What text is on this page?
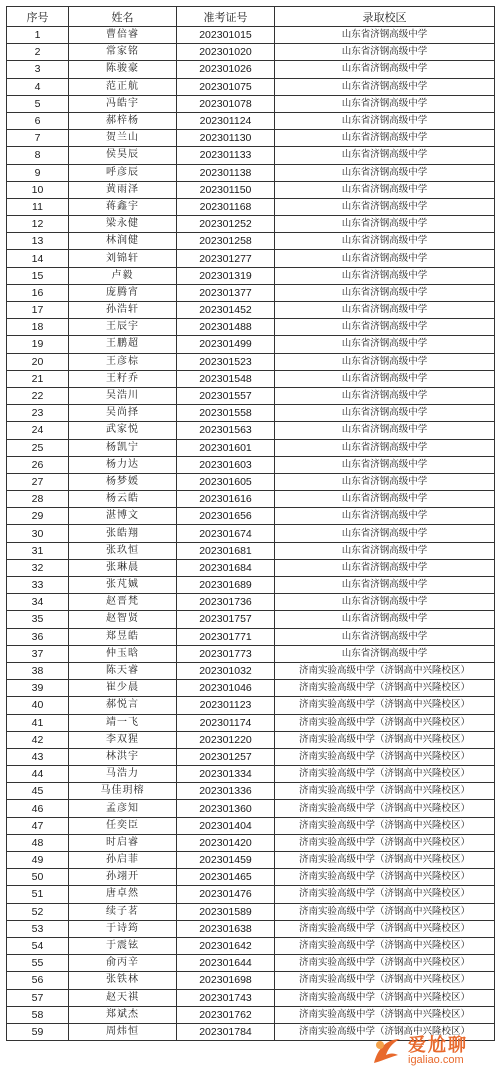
序号	姓名	准考证号	录取校区
1	曹倍睿	202301015	山东省济钢高级中学
2	常家铭	202301020	山东省济钢高级中学
3	陈骏豪	202301026	山东省济钢高级中学
4	范正航	202301075	山东省济钢高级中学
5	冯皓宇	202301078	山东省济钢高级中学
6	郝梓杨	202301124	山东省济钢高级中学
7	贺兰山	202301130	山东省济钢高级中学
8	侯昊辰	202301133	山东省济钢高级中学
9	呼彦辰	202301138	山东省济钢高级中学
10	黄雨泽	202301150	山东省济钢高级中学
11	蒋鑫宇	202301168	山东省济钢高级中学
12	梁永健	202301252	山东省济钢高级中学
13	林润健	202301258	山东省济钢高级中学
14	刘锦轩	202301277	山东省济钢高级中学
15	卢毅	202301319	山东省济钢高级中学
16	庞腾宵	202301377	山东省济钢高级中学
17	孙浩轩	202301452	山东省济钢高级中学
18	王辰宇	202301488	山东省济钢高级中学
19	王鹏超	202301499	山东省济钢高级中学
20	王彦棕	202301523	山东省济钢高级中学
21	王籽乔	202301548	山东省济钢高级中学
22	吴浩川	202301557	山东省济钢高级中学
23	吴尚择	202301558	山东省济钢高级中学
24	武家悦	202301563	山东省济钢高级中学
25	杨凯宁	202301601	山东省济钢高级中学
26	杨力达	202301603	山东省济钢高级中学
27	杨梦媛	202301605	山东省济钢高级中学
28	杨云皓	202301616	山东省济钢高级中学
29	湛博文	202301656	山东省济钢高级中学
30	张皓翔	202301674	山东省济钢高级中学
31	张玖恒	202301681	山东省济钢高级中学
32	张琳晨	202301684	山东省济钢高级中学
33	张芃娍	202301689	山东省济钢高级中学
34	赵晋梵	202301736	山东省济钢高级中学
35	赵智贤	202301757	山东省济钢高级中学
36	郑昱皓	202301771	山东省济钢高级中学
37	仲玉晗	202301773	山东省济钢高级中学
38	陈天睿	202301032	济南实验高级中学（济钢高中兴隆校区）
39	崔少晨	202301046	济南实验高级中学（济钢高中兴隆校区）
40	郝悦言	202301123	济南实验高级中学（济钢高中兴隆校区）
41	靖一飞	202301174	济南实验高级中学（济钢高中兴隆校区）
42	李双猩	202301220	济南实验高级中学（济钢高中兴隆校区）
43	林洪宇	202301257	济南实验高级中学（济钢高中兴隆校区）
44	马浩力	202301334	济南实验高级中学（济钢高中兴隆校区）
45	马佳玥榕	202301336	济南实验高级中学（济钢高中兴隆校区）
46	孟彦知	202301360	济南实验高级中学（济钢高中兴隆校区）
47	任奕臣	202301404	济南实验高级中学（济钢高中兴隆校区）
48	时启睿	202301420	济南实验高级中学（济钢高中兴隆校区）
49	孙启菲	202301459	济南实验高级中学（济钢高中兴隆校区）
50	孙翊开	202301465	济南实验高级中学（济钢高中兴隆校区）
51	唐卓然	202301476	济南实验高级中学（济钢高中兴隆校区）
52	续子茗	202301589	济南实验高级中学（济钢高中兴隆校区）
53	于诗筠	202301638	济南实验高级中学（济钢高中兴隆校区）
54	于震铉	202301642	济南实验高级中学（济钢高中兴隆校区）
55	俞丙辛	202301644	济南实验高级中学（济钢高中兴隆校区）
56	张铁林	202301698	济南实验高级中学（济钢高中兴隆校区）
57	赵天祺	202301743	济南实验高级中学（济钢高中兴隆校区）
58	郑斌杰	202301762	济南实验高级中学（济钢高中兴隆校区）
59	周炜恒	202301784	济南实验高级中学（济钢高中兴隆校区）
爱尬聊
igaliao.com
